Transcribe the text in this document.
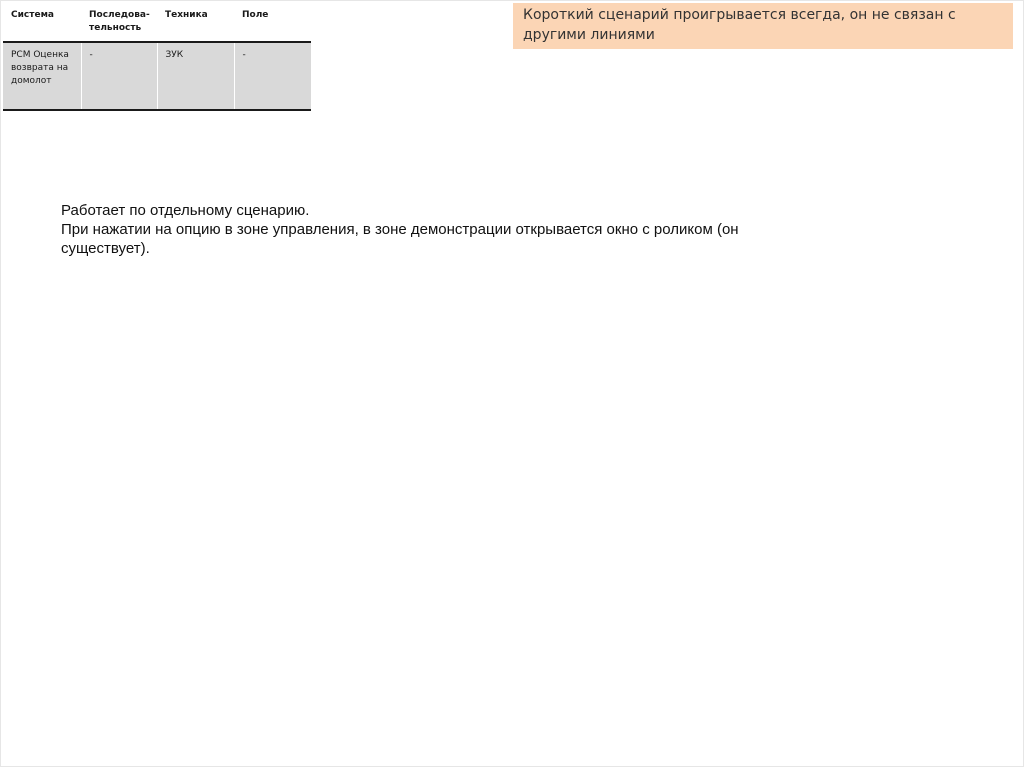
Система	Последовательность	Техника	Поле
РСМ Оценка возврата на домолот	-	ЗУК	-
Короткий сценарий проигрывается всегда, он не связан с другими линиями

Работает по отдельному сценарию.

При нажатии на опцию в зоне управления, в зоне демонстрации открывается окно с роликом (он существует).
